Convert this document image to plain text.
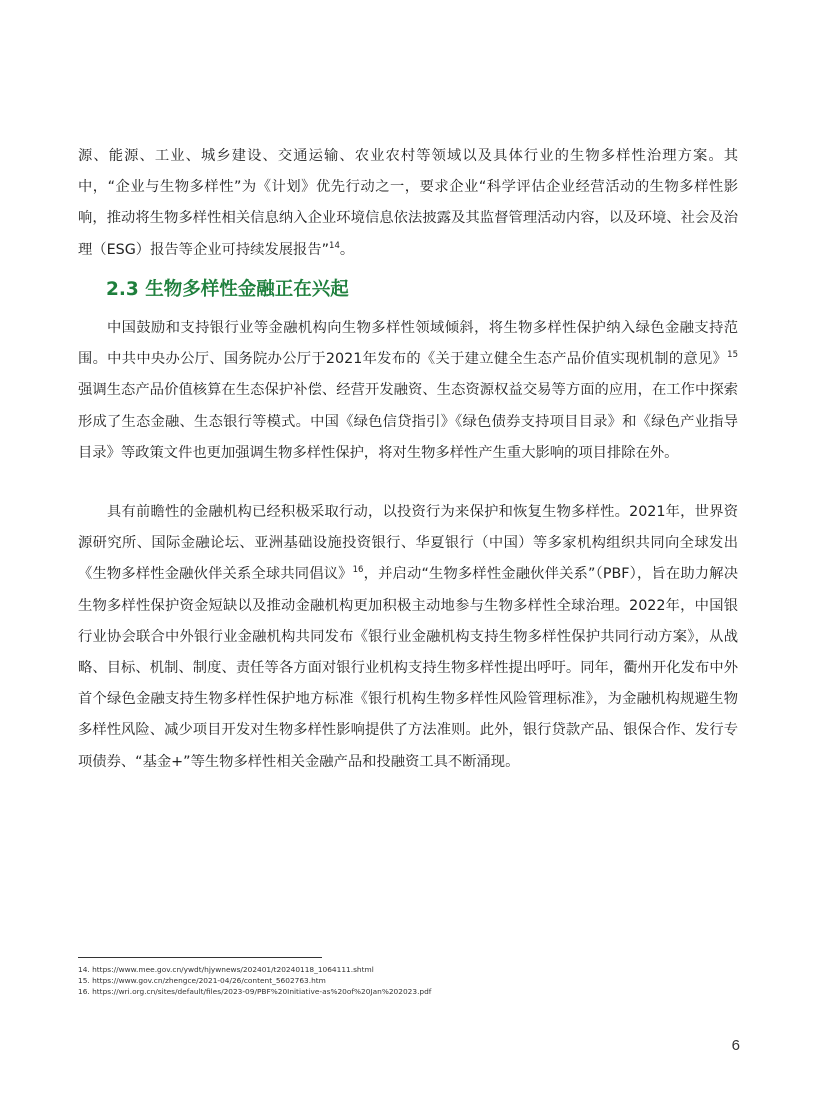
源、能源、工业、城乡建设、交通运输、农业农村等领域以及具体行业的生物多样性治理方案。其中，“企业与生物多样性”为《计划》优先行动之一，要求企业“科学评估企业经营活动的生物多样性影响，推动将生物多样性相关信息纳入企业环境信息依法披露及其监督管理活动内容，以及环境、社会及治理（ESG）报告等企业可持续发展报告”$^{14}$。

2.3 生物多样性金融正在兴起

中国鼓励和支持银行业等金融机构向生物多样性领域倾斜，将生物多样性保护纳入绿色金融支持范围。中共中央办公厅、国务院办公厅于2021年发布的《关于建立健全生态产品价值实现机制的意见》$^{15}$强调生态产品价值核算在生态保护补偿、经营开发融资、生态资源权益交易等方面的应用，在工作中探索形成了生态金融、生态银行等模式。中国《绿色信贷指引》《绿色债券支持项目目录》和《绿色产业指导目录》等政策文件也更加强调生物多样性保护，将对生物多样性产生重大影响的项目排除在外。

具有前瞻性的金融机构已经积极采取行动，以投资行为来保护和恢复生物多样性。2021年，世界资源研究所、国际金融论坛、亚洲基础设施投资银行、华夏银行（中国）等多家机构组织共同向全球发出《生物多样性金融伙伴关系全球共同倡议》$^{16}$，并启动“生物多样性金融伙伴关系”（PBF），旨在助力解决生物多样性保护资金短缺以及推动金融机构更加积极主动地参与生物多样性全球治理。2022年，中国银行业协会联合中外银行业金融机构共同发布《银行业金融机构支持生物多样性保护共同行动方案》，从战略、目标、机制、制度、责任等各方面对银行业机构支持生物多样性提出呼吁。同年，衢州开化发布中外首个绿色金融支持生物多样性保护地方标准《银行机构生物多样性风险管理标准》，为金融机构规避生物多样性风险、减少项目开发对生物多样性影响提供了方法准则。此外，银行贷款产品、银保合作、发行专项债券、“基金+”等生物多样性相关金融产品和投融资工具不断涌现。

14. https://www.mee.gov.cn/ywdt/hjywnews/202401/t20240118_1064111.shtml
15. https://www.gov.cn/zhengce/2021-04/26/content_5602763.htm
16. https://wri.org.cn/sites/default/files/2023-09/PBF%20Initiative-as%20of%20Jan%202023.pdf
6
